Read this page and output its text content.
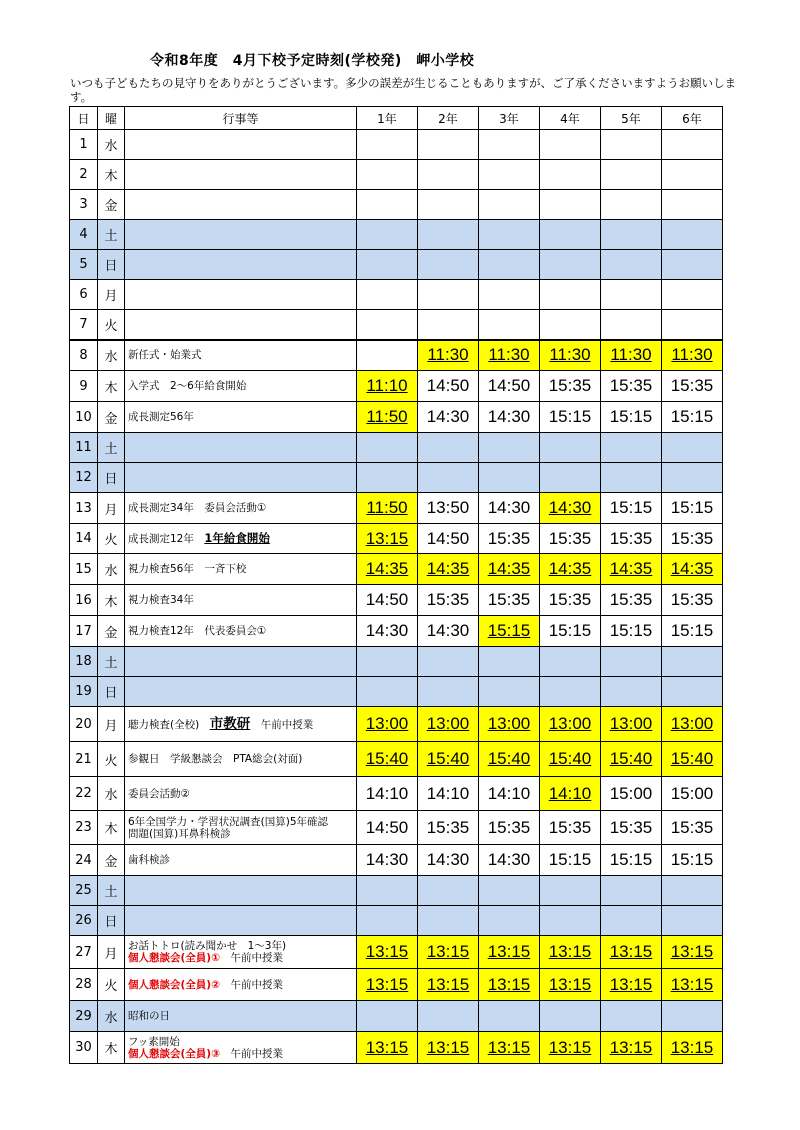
令和8年度　4月下校予定時刻(学校発)　岬小学校
いつも子どもたちの見守りをありがとうございます。多少の誤差が生じることもありますが、ご了承くださいますようお願いします。
日	曜	行事等	1年	2年	3年	4年	5年	6年
1	水							
2	木							
3	金							
4	土							
5	日							
6	月							
7	火							
8	水	新任式・始業式		11:30	11:30	11:30	11:30	11:30
9	木	入学式　2～6年給食開始	11:10	14:50	14:50	15:35	15:35	15:35
10	金	成長測定56年	11:50	14:30	14:30	15:15	15:15	15:15
11	土							
12	日							
13	月	成長測定34年　委員会活動①	11:50	13:50	14:30	14:30	15:15	15:15
14	火	成長測定12年　1年給食開始	13:15	14:50	15:35	15:35	15:35	15:35
15	水	視力検査56年　一斉下校	14:35	14:35	14:35	14:35	14:35	14:35
16	木	視力検査34年	14:50	15:35	15:35	15:35	15:35	15:35
17	金	視力検査12年　代表委員会①	14:30	14:30	15:15	15:15	15:15	15:15
18	土							
19	日							
20	月	聴力検査(全校)　市教研　午前中授業	13:00	13:00	13:00	13:00	13:00	13:00
21	火	参観日　学級懇談会　PTA総会(対面)	15:40	15:40	15:40	15:40	15:40	15:40
22	水	委員会活動②	14:10	14:10	14:10	14:10	15:00	15:00
23	木	6年全国学力・学習状況調査(国算)5年確認
問題(国算)耳鼻科検診	14:50	15:35	15:35	15:35	15:35	15:35
24	金	歯科検診	14:30	14:30	14:30	15:15	15:15	15:15
25	土							
26	日							
27	月	お話トトロ(読み聞かせ　1～3年)
個人懇談会(全員)①　午前中授業	13:15	13:15	13:15	13:15	13:15	13:15
28	火	個人懇談会(全員)②　午前中授業	13:15	13:15	13:15	13:15	13:15	13:15
29	水	昭和の日						

30	木	フッ素開始
個人懇談会(全員)③　午前中授業	13:15	13:15	13:15	13:15	13:15	13:15
